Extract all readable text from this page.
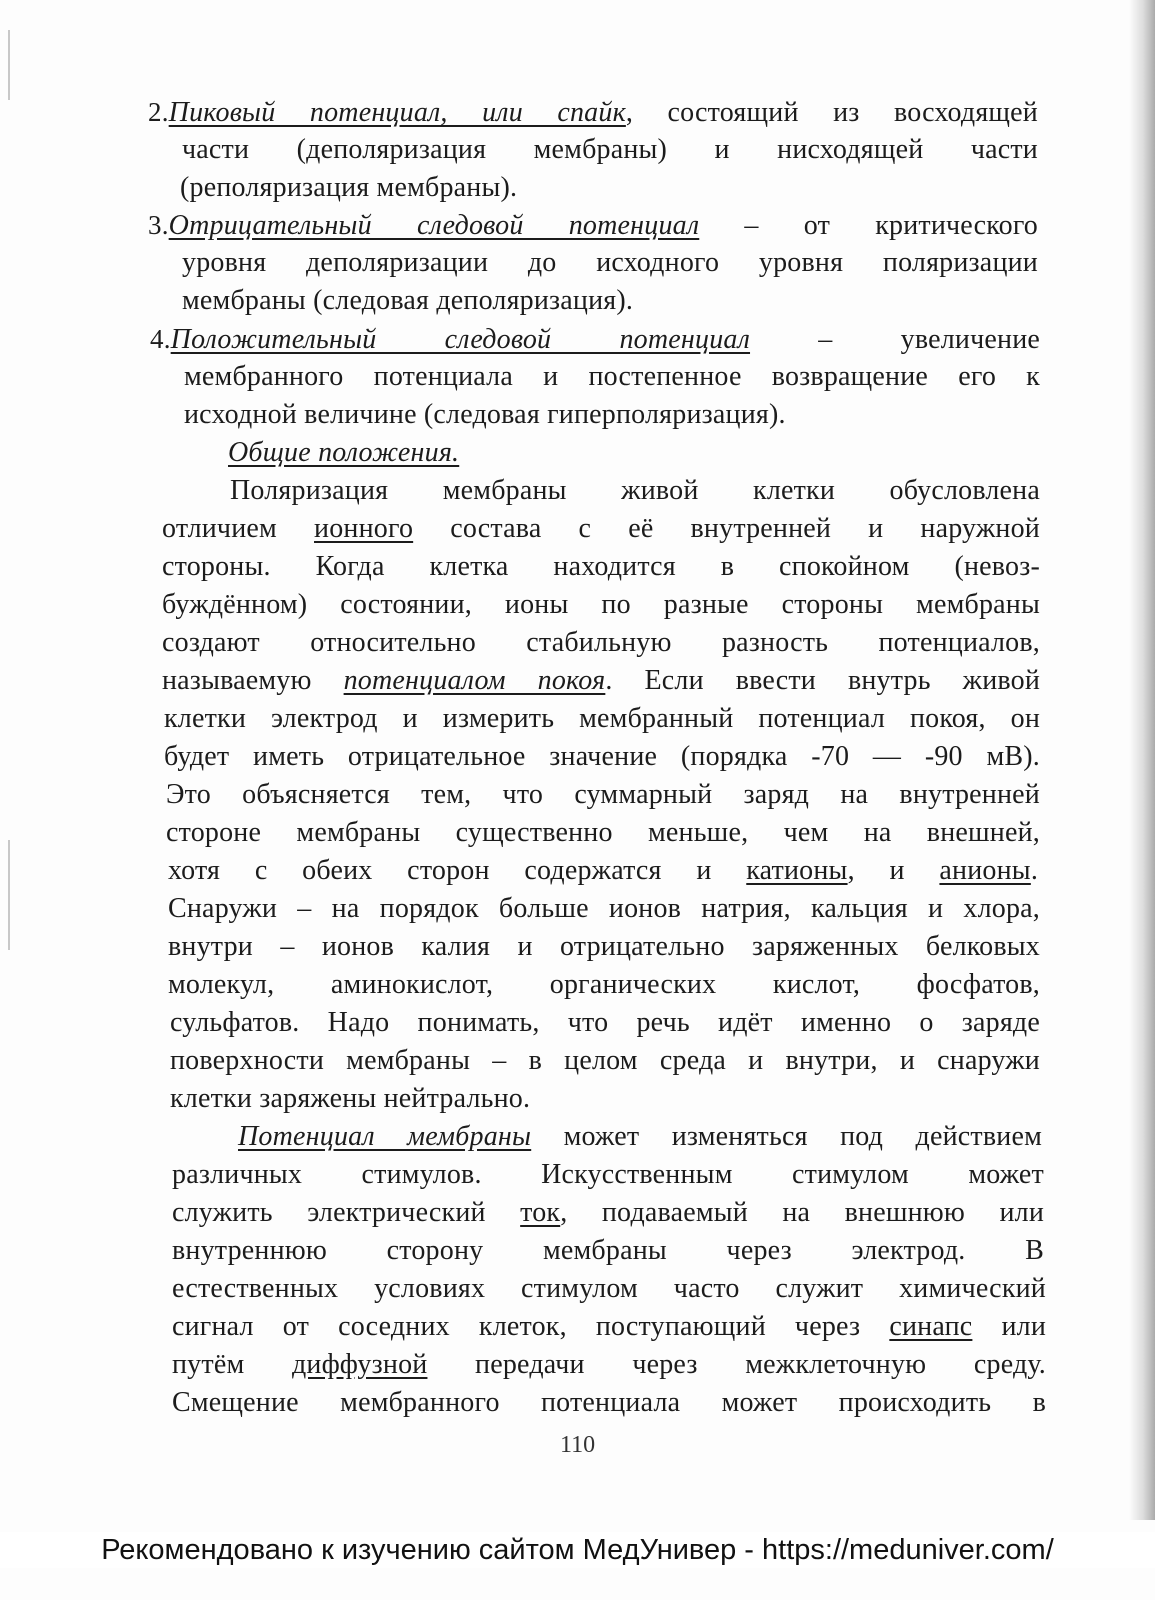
2.Пиковый потенциал, или спайк, состоящий из восходящей
части (деполяризация мембраны) и нисходящей части
(реполяризация мембраны).
3.Отрицательный следовой потенциал – от критического
уровня деполяризации до исходного уровня поляризации
мембраны (следовая деполяризация).
4.Положительный следовой потенциал – увеличение
мембранного потенциала и постепенное возвращение его к
исходной величине (следовая гиперполяризация).
Общие положения.
Поляризация мембраны живой клетки обусловлена
отличием ионного состава с её внутренней и наружной
стороны. Когда клетка находится в спокойном (невоз-
буждённом) состоянии, ионы по разные стороны мембраны
создают относительно стабильную разность потенциалов,
называемую потенциалом покоя. Если ввести внутрь живой
клетки электрод и измерить мембранный потенциал покоя, он
будет иметь отрицательное значение (порядка -70 — -90 мВ).
Это объясняется тем, что суммарный заряд на внутренней
стороне мембраны существенно меньше, чем на внешней,
хотя с обеих сторон содержатся и катионы, и анионы.
Снаружи – на порядок больше ионов натрия, кальция и хлора,
внутри – ионов калия и отрицательно заряженных белковых
молекул, аминокислот, органических кислот, фосфатов,
сульфатов. Надо понимать, что речь идёт именно о заряде
поверхности мембраны – в целом среда и внутри, и снаружи
клетки заряжены нейтрально.
Потенциал мембраны может изменяться под действием
различных стимулов. Искусственным стимулом может
служить электрический ток, подаваемый на внешнюю или
внутреннюю сторону мембраны через электрод. В
естественных условиях стимулом часто служит химический
сигнал от соседних клеток, поступающий через синапс или
путём диффузной передачи через межклеточную среду.
Смещение мембранного потенциала может происходить в
110
Рекомендовано к изучению сайтом МедУнивер - https://meduniver.com/
